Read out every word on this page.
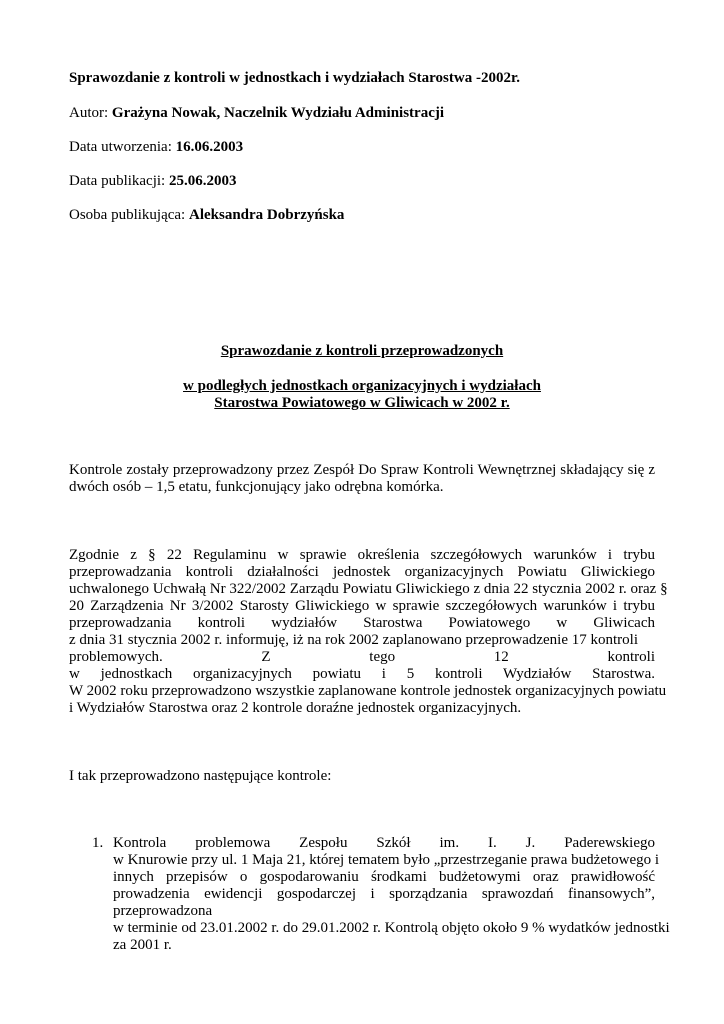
Sprawozdanie z kontroli w jednostkach i wydziałach Starostwa -2002r.
Autor: Grażyna Nowak, Naczelnik Wydziału Administracji
Data utworzenia: 16.06.2003
Data publikacji: 25.06.2003
Osoba publikująca: Aleksandra Dobrzyńska
Sprawozdanie z kontroli przeprowadzonych
w podległych jednostkach organizacyjnych i wydziałach
Starostwa Powiatowego w Gliwicach w 2002 r.
Kontrole zostały przeprowadzony przez Zespół Do Spraw Kontroli Wewnętrznej składający się z
dwóch osób – 1,5 etatu, funkcjonujący jako odrębna komórka.
Zgodnie z § 22 Regulaminu w sprawie określenia szczegółowych warunków i trybu
przeprowadzania kontroli działalności jednostek organizacyjnych Powiatu Gliwickiego
uchwalonego Uchwałą Nr 322/2002 Zarządu Powiatu Gliwickiego z dnia 22 stycznia 2002 r. oraz §
20 Zarządzenia Nr 3/2002 Starosty Gliwickiego w sprawie szczegółowych warunków i trybu
przeprowadzania kontroli wydziałów Starostwa Powiatowego w Gliwicach
z dnia 31 stycznia 2002 r. informuję, iż na rok 2002 zaplanowano przeprowadzenie 17 kontroli
problemowych. Z tego 12 kontroli
w jednostkach organizacyjnych powiatu i 5 kontroli Wydziałów Starostwa.
W 2002 roku przeprowadzono wszystkie zaplanowane kontrole jednostek organizacyjnych powiatu
i Wydziałów Starostwa oraz 2 kontrole doraźne jednostek organizacyjnych.
I tak przeprowadzono następujące kontrole:
1. Kontrola problemowa Zespołu Szkół im. I. J. Paderewskiego
w Knurowie przy ul. 1 Maja 21, której tematem było „przestrzeganie prawa budżetowego i
innych przepisów o gospodarowaniu środkami budżetowymi oraz prawidłowość
prowadzenia ewidencji gospodarczej i sporządzania sprawozdań finansowych”,
przeprowadzona
w terminie od 23.01.2002 r. do 29.01.2002 r. Kontrolą objęto około 9 % wydatków jednostki
za 2001 r.
